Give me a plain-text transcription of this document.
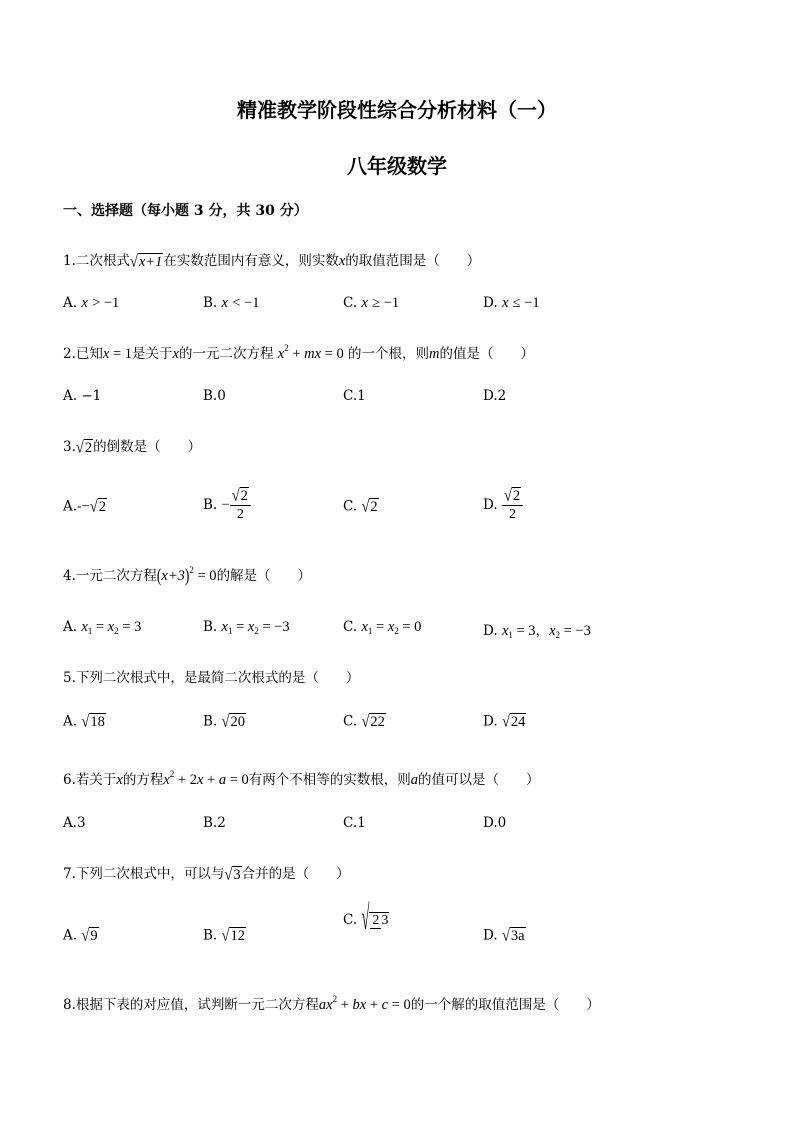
精准教学阶段性综合分析材料（一）
八年级数学
一、选择题（每小题 3 分，共 30 分）
1.二次根式√x+1在实数范围内有意义，则实数x的取值范围是（　　）
A. x > −1	B. x < −1	C. x ≥ −1	D. x ≤ −1
2.已知x = 1是关于x的一元二次方程 $x^2$ + mx = 0 的一个根，则m的值是（　　）
A. −1	B.0	C.1	D.2
3.√2的倒数是（　　）
A.-−√2	B. − $\frac{√2}{2}$	C. √2	D. $\frac{√2}{2}$
4.一元二次方程$(x+3)^2 = 0$的解是（　　）
A. $x_1 = x_2 = 3$	B. $x_1 = x_2 = -3$	C. $x_1 = x_2 = 0$	D. $x_1 = 3$，$x_2 = -3$
5.下列二次根式中，是最简二次根式的是（　　）
A. √18	B. √20	C. √22	D. √24
6.若关于x的方程$x^2 + 2x + a = 0$有两个不相等的实数根，则a的值可以是（　　）
A.3	B.2	C.1	D.0
7.下列二次根式中，可以与√3合并的是（　　）
A. √9	B. √12
C. √ 2 3
D. √3a
8.根据下表的对应值，试判断一元二次方程$ax^2$ + bx + c = 0的一个解的取值范围是（　　）
